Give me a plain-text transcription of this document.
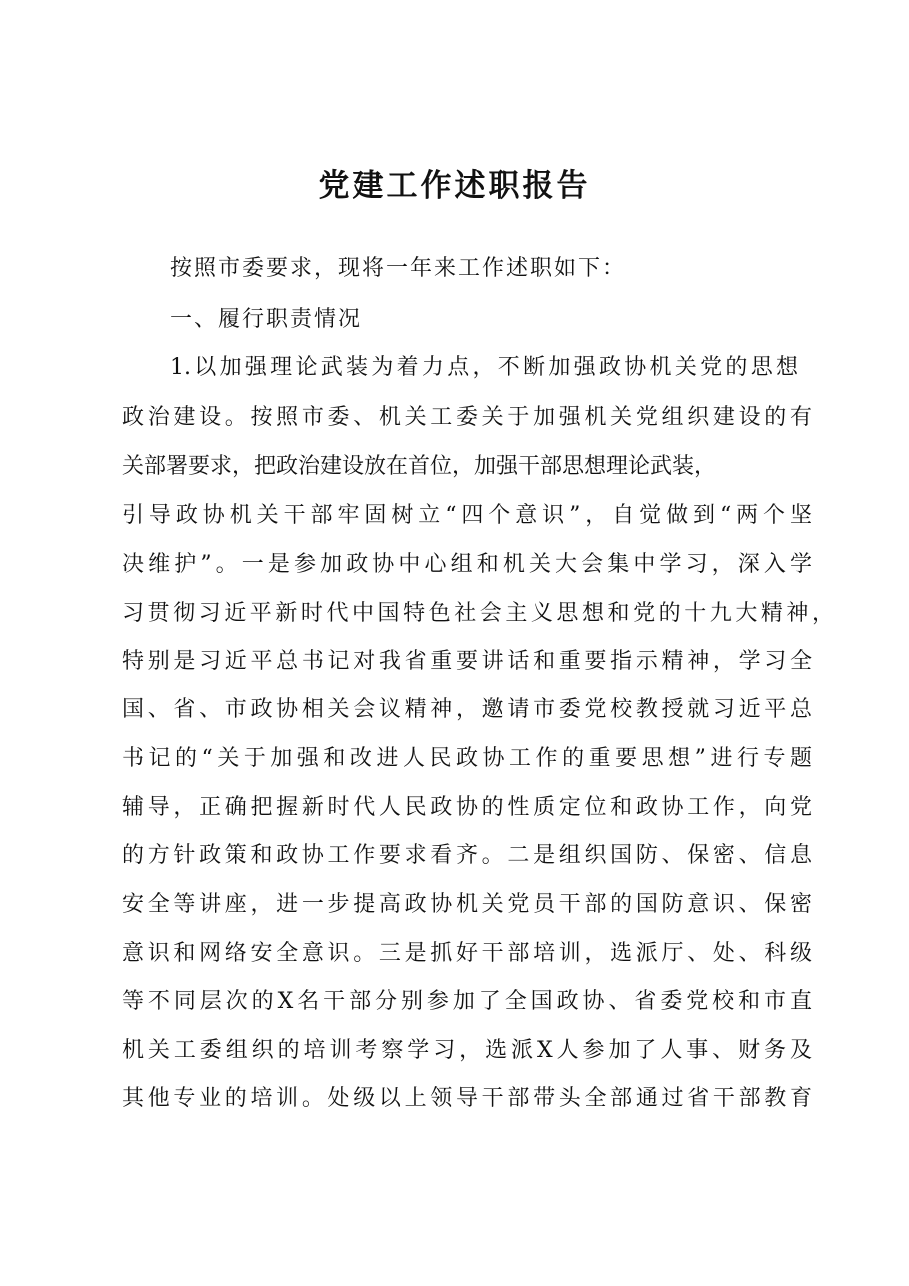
党建工作述职报告

按照市委要求，现将一年来工作述职如下：

一、履行职责情况

1.以加强理论武装为着力点，不断加强政协机关党的思想

政治建设。按照市委、机关工委关于加强机关党组织建设的有

关部署要求，把政治建设放在首位，加强干部思想理论武装，

引导政协机关干部牢固树立“四个意识”，自觉做到“两个坚

决维护”。一是参加政协中心组和机关大会集中学习，深入学

习贯彻习近平新时代中国特色社会主义思想和党的十九大精神，

特别是习近平总书记对我省重要讲话和重要指示精神，学习全

国、省、市政协相关会议精神，邀请市委党校教授就习近平总

书记的“关于加强和改进人民政协工作的重要思想”进行专题

辅导，正确把握新时代人民政协的性质定位和政协工作，向党

的方针政策和政协工作要求看齐。二是组织国防、保密、信息

安全等讲座，进一步提高政协机关党员干部的国防意识、保密

意识和网络安全意识。三是抓好干部培训，选派厅、处、科级

等不同层次的X名干部分别参加了全国政协、省委党校和市直

机关工委组织的培训考察学习，选派X人参加了人事、财务及

其他专业的培训。处级以上领导干部带头全部通过省干部教育
